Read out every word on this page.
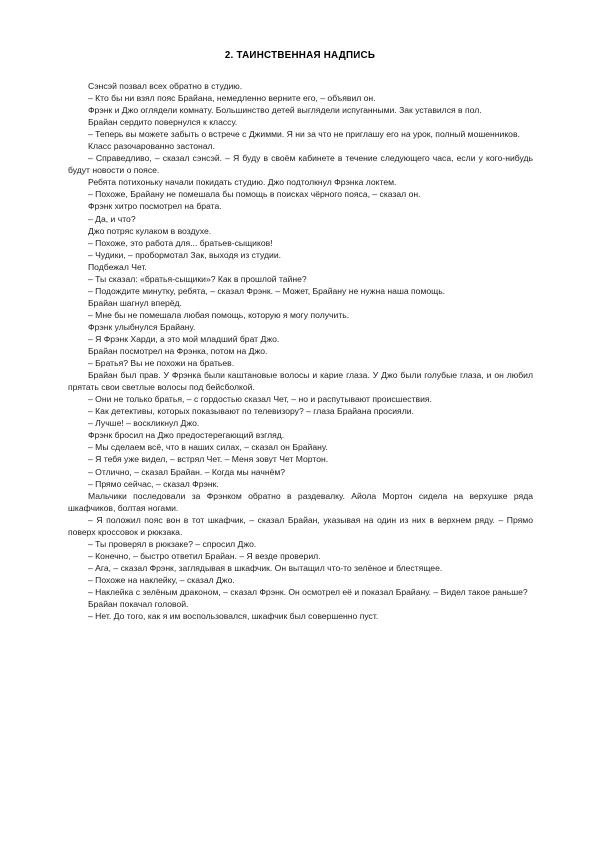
2. ТАИНСТВЕННАЯ НАДПИСЬ

Сэнсэй позвал всех обратно в студию.

– Кто бы ни взял пояс Брайана, немедленно верните его, – объявил он.

Фрэнк и Джо оглядели комнату. Большинство детей выглядели испуганными. Зак уставился в пол.

Брайан сердито повернулся к классу.

– Теперь вы можете забыть о встрече с Джимми. Я ни за что не приглашу его на урок, полный мошенников.

Класс разочарованно застонал.

– Справедливо, – сказал сэнсэй. – Я буду в своём кабинете в течение следующего часа, если у кого-нибудь будут новости о поясе.

Ребята потихоньку начали покидать студию. Джо подтолкнул Фрэнка локтем.

– Похоже, Брайану не помешала бы помощь в поисках чёрного пояса, – сказал он.

Фрэнк хитро посмотрел на брата.

– Да, и что?

Джо потряс кулаком в воздухе.

– Похоже, это работа для... братьев-сыщиков!

– Чудики, – пробормотал Зак, выходя из студии.

Подбежал Чет.

– Ты сказал: «братья-сыщики»? Как в прошлой тайне?

– Подождите минутку, ребята, – сказал Фрэнк. – Может, Брайану не нужна наша помощь.

Брайан шагнул вперёд.

– Мне бы не помешала любая помощь, которую я могу получить.

Фрэнк улыбнулся Брайану.

– Я Фрэнк Харди, а это мой младший брат Джо.

Брайан посмотрел на Фрэнка, потом на Джо.

– Братья? Вы не похожи на братьев.

Брайан был прав. У Фрэнка были каштановые волосы и карие глаза. У Джо были голубые глаза, и он любил прятать свои светлые волосы под бейсболкой.

– Они не только братья, – с гордостью сказал Чет, – но и распутывают происшествия.

– Как детективы, которых показывают по телевизору? – глаза Брайана просияли.

– Лучше! – воскликнул Джо.

Фрэнк бросил на Джо предостерегающий взгляд.

– Мы сделаем всё, что в наших силах, – сказал он Брайану.

– Я тебя уже видел, – встрял Чет. – Меня зовут Чет Мортон.

– Отлично, – сказал Брайан. – Когда мы начнём?

– Прямо сейчас, – сказал Фрэнк.

Мальчики последовали за Фрэнком обратно в раздевалку. Айола Мортон сидела на верхушке ряда шкафчиков, болтая ногами.

– Я положил пояс вон в тот шкафчик, – сказал Брайан, указывая на один из них в верхнем ряду. – Прямо поверх кроссовок и рюкзака.

– Ты проверял в рюкзаке? – спросил Джо.

– Конечно, – быстро ответил Брайан. – Я везде проверил.

– Ага, – сказал Фрэнк, заглядывая в шкафчик. Он вытащил что-то зелёное и блестящее.

– Похоже на наклейку, – сказал Джо.

– Наклейка с зелёным драконом, – сказал Фрэнк. Он осмотрел её и показал Брайану. – Видел такое раньше?

Брайан покачал головой.

– Нет. До того, как я им воспользовался, шкафчик был совершенно пуст.
